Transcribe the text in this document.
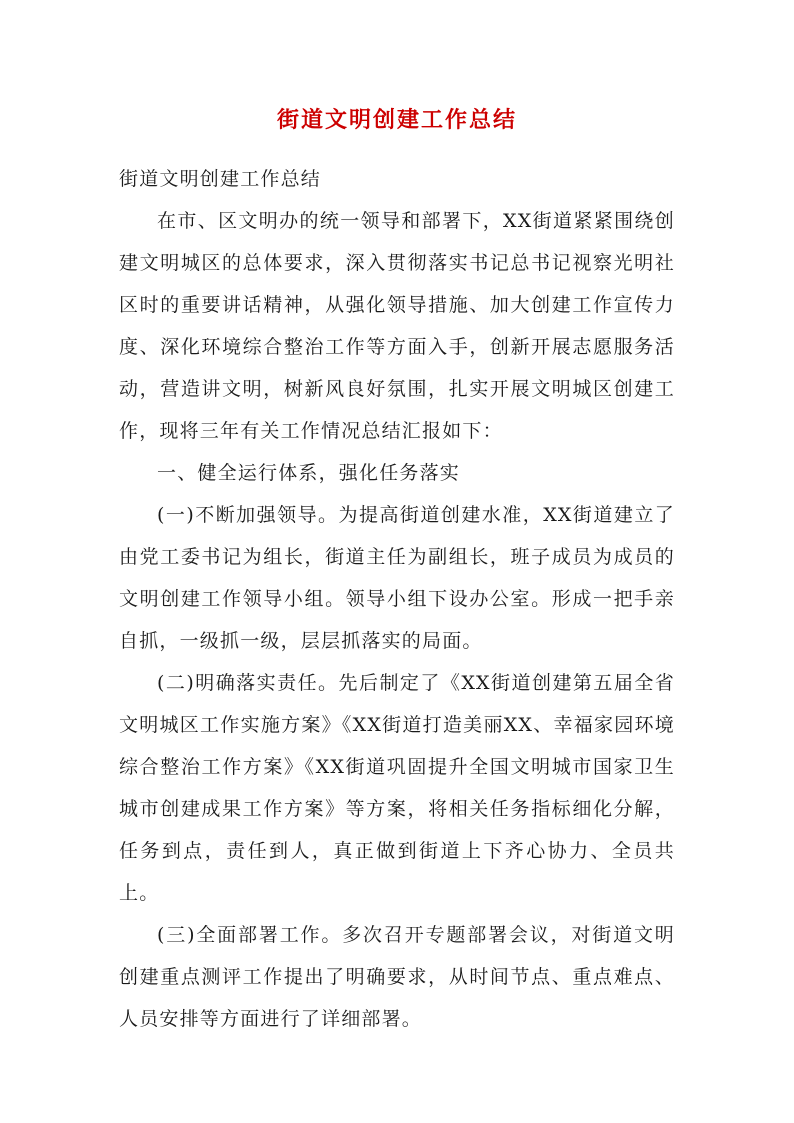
街道文明创建工作总结

街道文明创建工作总结

在市、区文明办的统一领导和部署下，XX街道紧紧围绕创建文明城区的总体要求，深入贯彻落实书记总书记视察光明社区时的重要讲话精神，从强化领导措施、加大创建工作宣传力度、深化环境综合整治工作等方面入手，创新开展志愿服务活动，营造讲文明，树新风良好氛围，扎实开展文明城区创建工作，现将三年有关工作情况总结汇报如下：

一、健全运行体系，强化任务落实

(一)不断加强领导。为提高街道创建水准，XX街道建立了由党工委书记为组长，街道主任为副组长，班子成员为成员的文明创建工作领导小组。领导小组下设办公室。形成一把手亲自抓，一级抓一级，层层抓落实的局面。

(二)明确落实责任。先后制定了《XX街道创建第五届全省文明城区工作实施方案》《XX街道打造美丽XX、幸福家园环境综合整治工作方案》《XX街道巩固提升全国文明城市国家卫生城市创建成果工作方案》等方案，将相关任务指标细化分解，任务到点，责任到人，真正做到街道上下齐心协力、全员共上。

(三)全面部署工作。多次召开专题部署会议，对街道文明创建重点测评工作提出了明确要求，从时间节点、重点难点、人员安排等方面进行了详细部署。
